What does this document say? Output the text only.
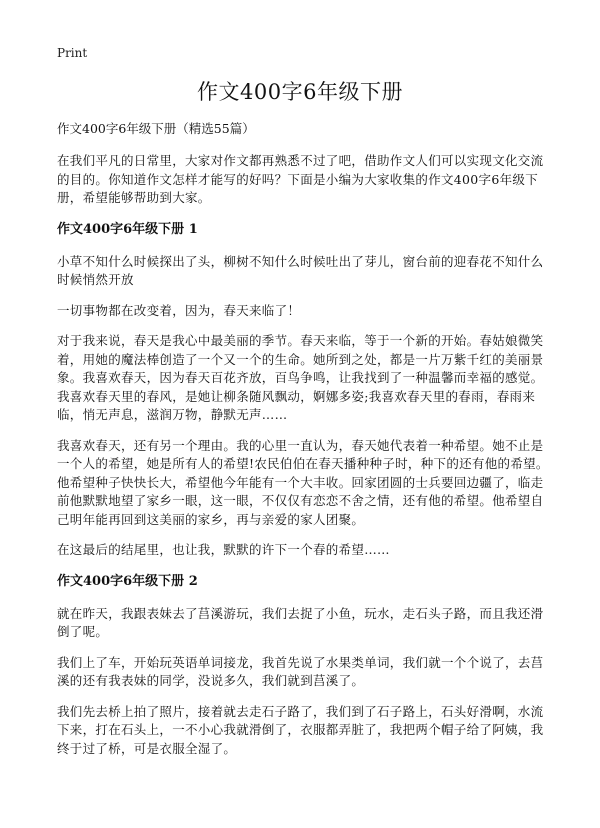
Print
作文400字6年级下册
作文400字6年级下册（精选55篇）

在我们平凡的日常里，大家对作文都再熟悉不过了吧，借助作文人们可以实现文化交流的目的。你知道作文怎样才能写的好吗？下面是小编为大家收集的作文400字6年级下册，希望能够帮助到大家。

作文400字6年级下册 1

小草不知什么时候探出了头，柳树不知什么时候吐出了芽儿，窗台前的迎春花不知什么时候悄然开放

一切事物都在改变着，因为，春天来临了！

对于我来说，春天是我心中最美丽的季节。春天来临，等于一个新的开始。春姑娘微笑着，用她的魔法棒创造了一个又一个的生命。她所到之处，都是一片万紫千红的美丽景象。我喜欢春天，因为春天百花齐放，百鸟争鸣，让我找到了一种温馨而幸福的感觉。我喜欢春天里的春风，是她让柳条随风飘动，婀娜多姿;我喜欢春天里的春雨，春雨来临，悄无声息，滋润万物，静默无声……

我喜欢春天，还有另一个理由。我的心里一直认为，春天她代表着一种希望。她不止是一个人的希望，她是所有人的希望!农民伯伯在春天播种种子时，种下的还有他的希望。他希望种子快快长大，希望他今年能有一个大丰收。回家团圆的士兵要回边疆了，临走前他默默地望了家乡一眼，这一眼，不仅仅有恋恋不舍之情，还有他的希望。他希望自己明年能再回到这美丽的家乡，再与亲爱的家人团聚。

在这最后的结尾里，也让我，默默的许下一个春的希望……

作文400字6年级下册 2

就在昨天，我跟表妹去了莒溪游玩，我们去捉了小鱼，玩水，走石头子路，而且我还滑倒了呢。

我们上了车，开始玩英语单词接龙，我首先说了水果类单词，我们就一个个说了，去莒溪的还有我表妹的同学，没说多久，我们就到莒溪了。

我们先去桥上拍了照片，接着就去走石子路了，我们到了石子路上，石头好滑啊，水流下来，打在石头上，一不小心我就滑倒了，衣服都弄脏了，我把两个帽子给了阿姨，我终于过了桥，可是衣服全湿了。
